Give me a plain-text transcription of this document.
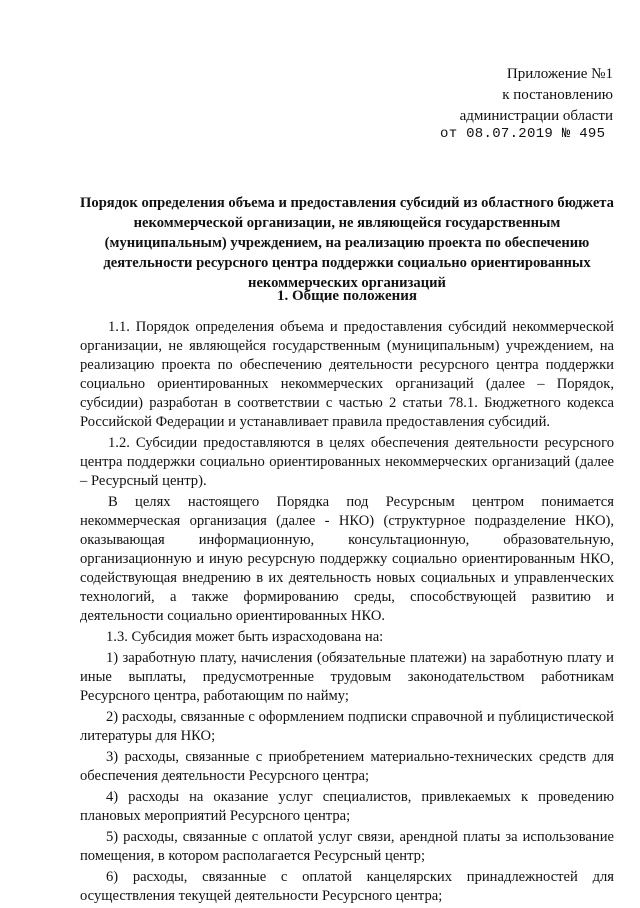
Приложение №1
к постановлению
администрации области
от 08.07.2019 № 495
Порядок определения объема и предоставления субсидий из областного бюджета некоммерческой организации, не являющейся государственным (муниципальным) учреждением, на реализацию проекта по обеспечению деятельности ресурсного центра поддержки социально ориентированных некоммерческих организаций
1. Общие положения

1.1. Порядок определения объема и предоставления субсидий некоммерческой организации, не являющейся государственным (муниципальным) учреждением, на реализацию проекта по обеспечению деятельности ресурсного центра поддержки социально ориентированных некоммерческих организаций (далее – Порядок, субсидии) разработан в соответствии с частью 2 статьи 78.1. Бюджетного кодекса Российской Федерации и устанавливает правила предоставления субсидий.

1.2. Субсидии предоставляются в целях обеспечения деятельности ресурсного центра поддержки социально ориентированных некоммерческих организаций (далее – Ресурсный центр).

В целях настоящего Порядка под Ресурсным центром понимается некоммерческая организация (далее - НКО) (структурное подразделение НКО), оказывающая информационную, консультационную, образовательную, организационную и иную ресурсную поддержку социально ориентированным НКО, содействующая внедрению в их деятельность новых социальных и управленческих технологий, а также формированию среды, способствующей развитию и деятельности социально ориентированных НКО.

1.3. Субсидия может быть израсходована на:

1) заработную плату, начисления (обязательные платежи) на заработную плату и иные выплаты, предусмотренные трудовым законодательством работникам Ресурсного центра, работающим по найму;

2) расходы, связанные с оформлением подписки справочной и публицистической литературы для НКО;

3) расходы, связанные с приобретением материально-технических средств для обеспечения деятельности Ресурсного центра;

4) расходы на оказание услуг специалистов, привлекаемых к проведению плановых мероприятий Ресурсного центра;

5) расходы, связанные с оплатой услуг связи, арендной платы за использование помещения, в котором располагается Ресурсный центр;

6) расходы, связанные с оплатой канцелярских принадлежностей для осуществления текущей деятельности Ресурсного центра;
